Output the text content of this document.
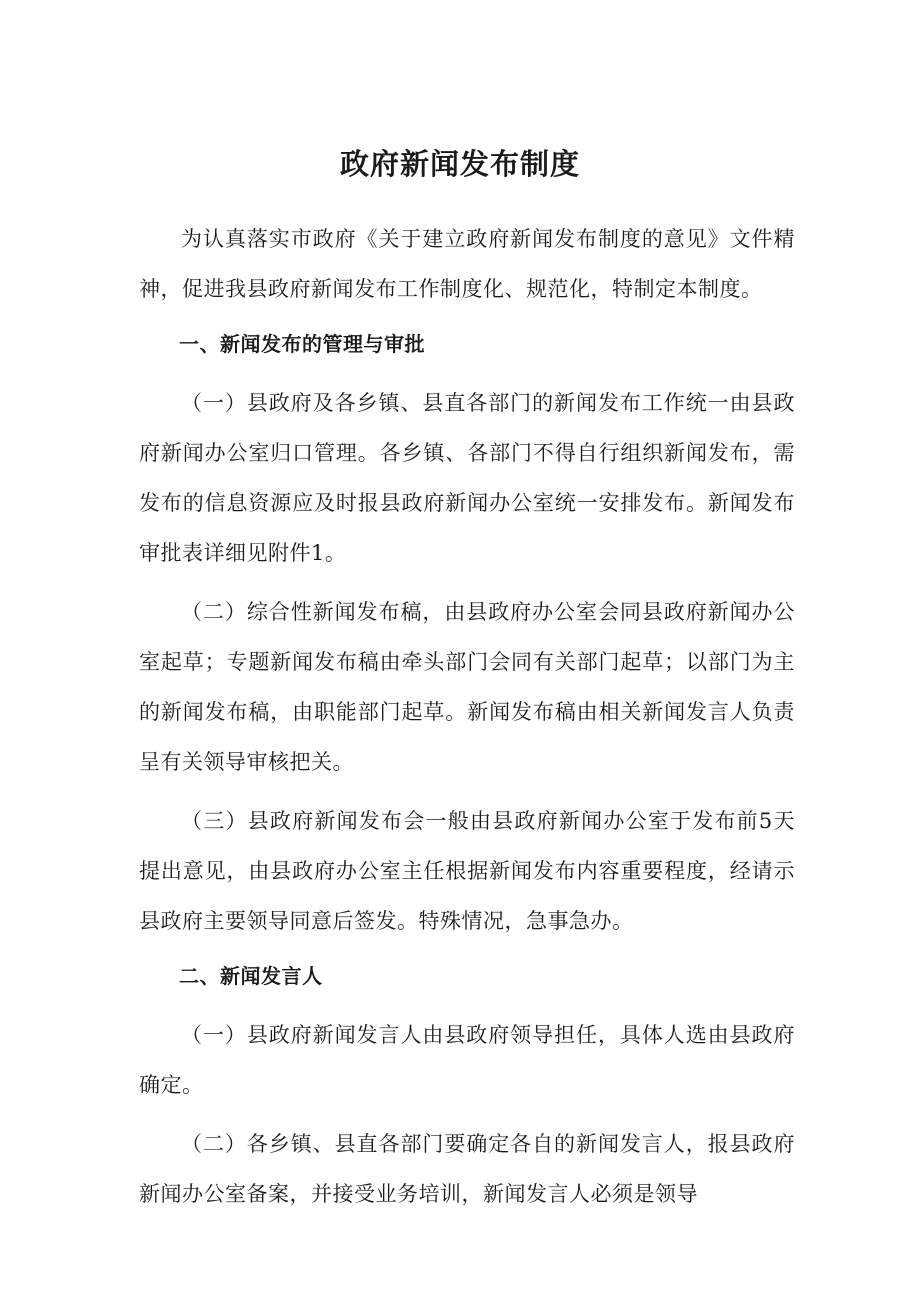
政府新闻发布制度

为认真落实市政府《关于建立政府新闻发布制度的意见》文件精神，促进我县政府新闻发布工作制度化、规范化，特制定本制度。

一、新闻发布的管理与审批

（一）县政府及各乡镇、县直各部门的新闻发布工作统一由县政府新闻办公室归口管理。各乡镇、各部门不得自行组织新闻发布，需发布的信息资源应及时报县政府新闻办公室统一安排发布。新闻发布审批表详细见附件1。

（二）综合性新闻发布稿，由县政府办公室会同县政府新闻办公室起草；专题新闻发布稿由牵头部门会同有关部门起草；以部门为主的新闻发布稿，由职能部门起草。新闻发布稿由相关新闻发言人负责呈有关领导审核把关。

（三）县政府新闻发布会一般由县政府新闻办公室于发布前5天提出意见，由县政府办公室主任根据新闻发布内容重要程度，经请示县政府主要领导同意后签发。特殊情况，急事急办。

二、新闻发言人

（一）县政府新闻发言人由县政府领导担任，具体人选由县政府确定。

（二）各乡镇、县直各部门要确定各自的新闻发言人，报县政府新闻办公室备案，并接受业务培训，新闻发言人必须是领导
